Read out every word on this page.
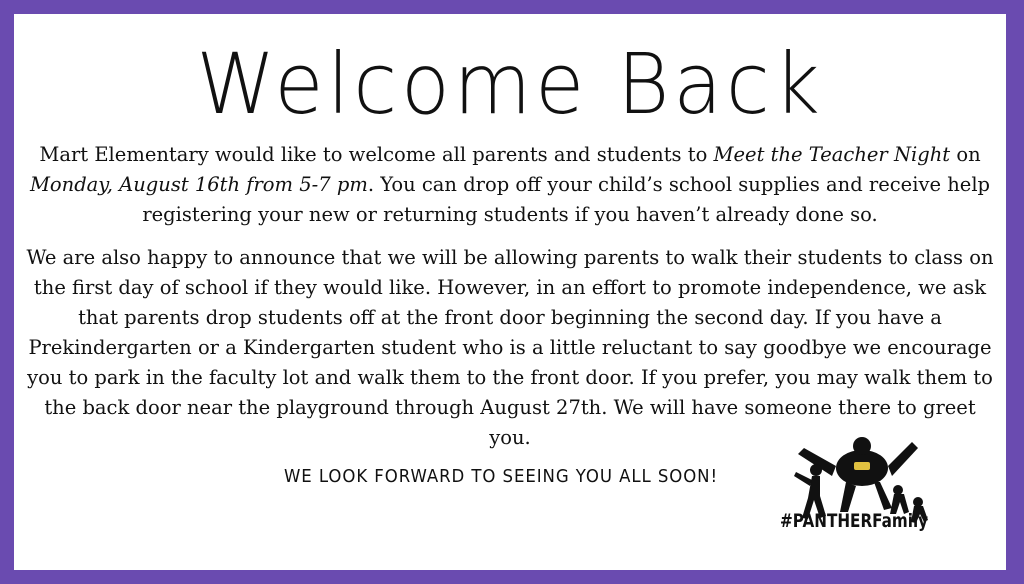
Welcome Back
Mart Elementary would like to welcome all parents and students to Meet the Teacher Night on Monday, August 16th from 5-7 pm. You can drop off your child’s school supplies and receive help registering your new or returning students if you haven’t already done so.
We are also happy to announce that we will be allowing parents to walk their students to class on the first day of school if they would like. However, in an effort to promote independence, we ask that parents drop students off at the front door beginning the second day. If you have a Prekindergarten or a Kindergarten student who is a little reluctant to say goodbye we encourage you to park in the faculty lot and walk them to the front door. If you prefer, you may walk them to the back door near the playground through August 27th. We will have someone there to greet you.
WE LOOK FORWARD TO SEEING YOU ALL SOON!
#PANTHERFamily
